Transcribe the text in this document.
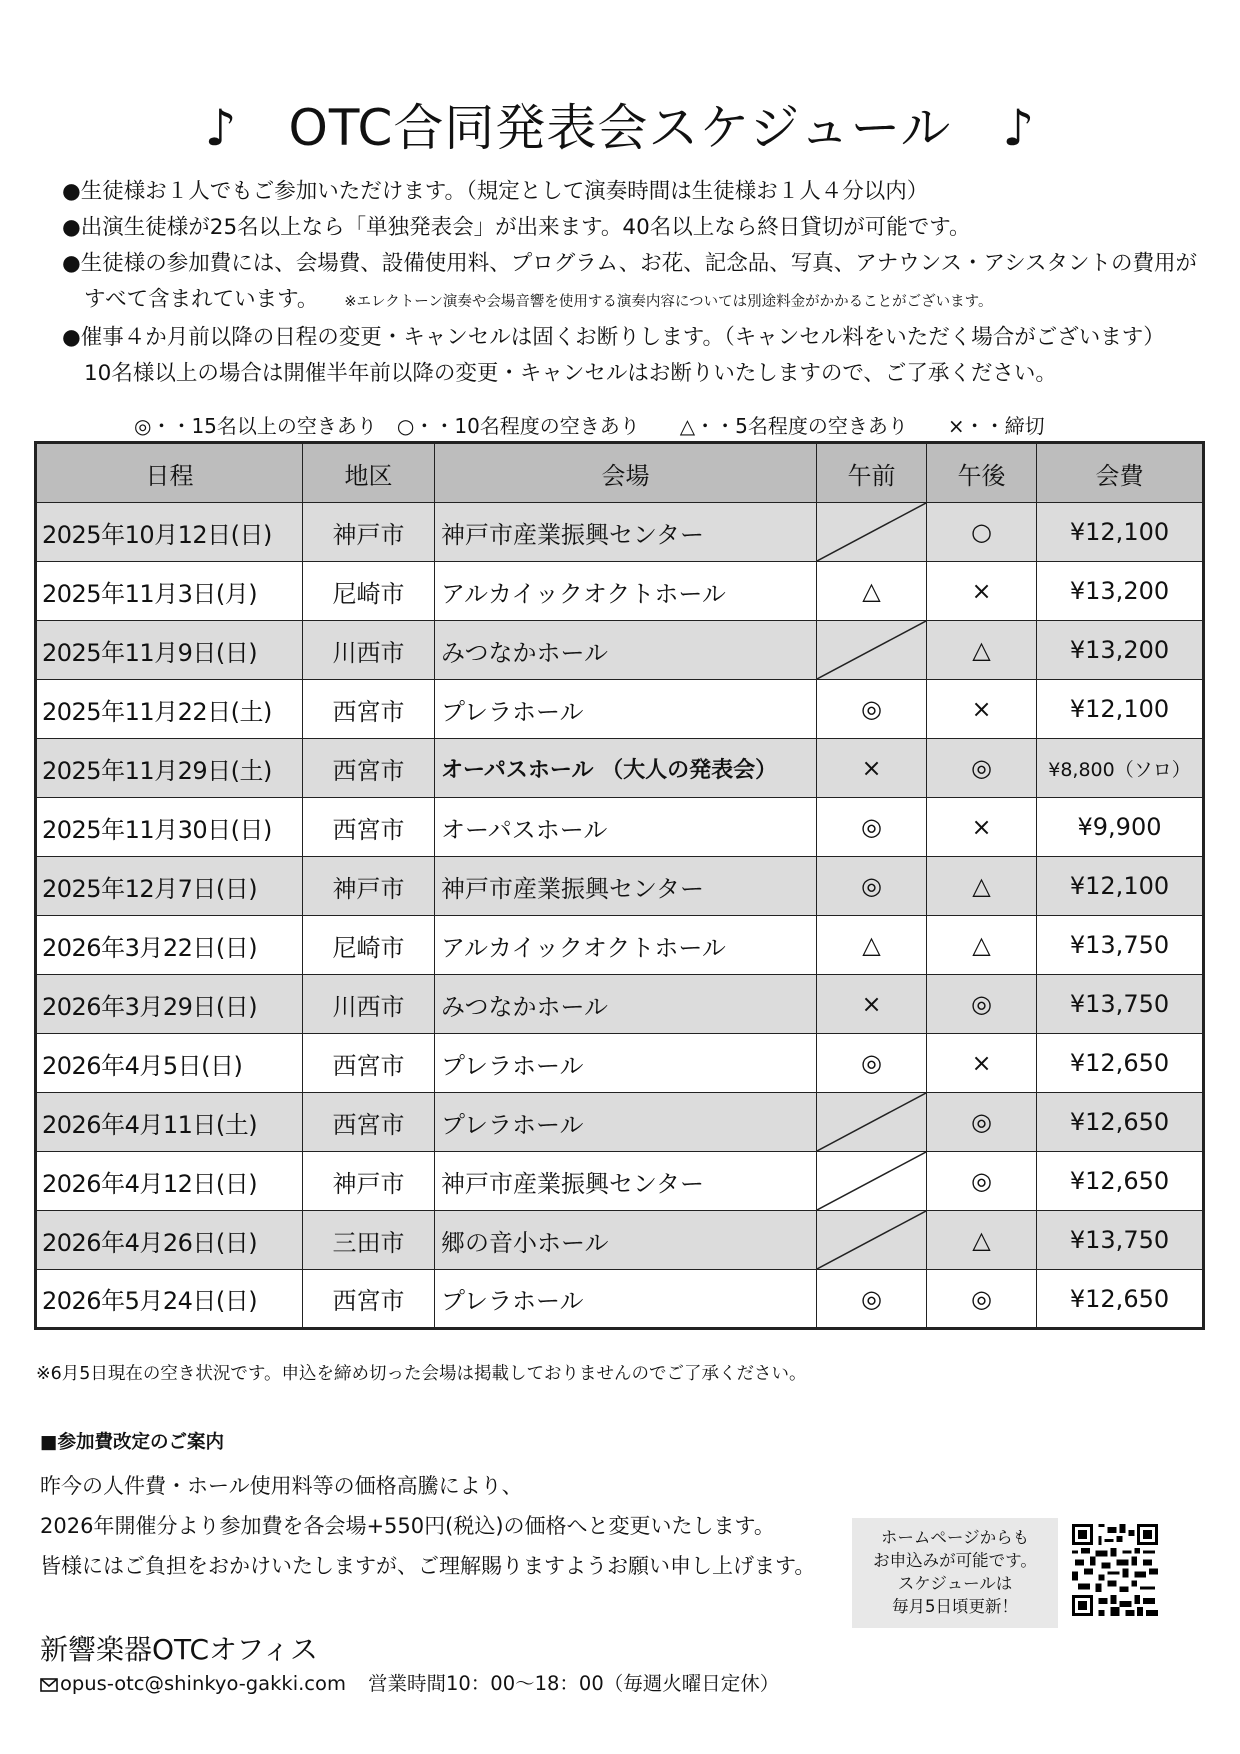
♪　OTC合同発表会スケジュール　♪
●生徒様お１人でもご参加いただけます。（規定として演奏時間は生徒様お１人４分以内）
●出演生徒様が25名以上なら「単独発表会」が出来ます。40名以上なら終日貸切が可能です。
●生徒様の参加費には、会場費、設備使用料、プログラム、お花、記念品、写真、アナウンス・アシスタントの費用が
すべて含まれています。 ※エレクトーン演奏や会場音響を使用する演奏内容については別途料金がかかることがございます。
●催事４か月前以降の日程の変更・キャンセルは固くお断りします。（キャンセル料をいただく場合がございます）
10名様以上の場合は開催半年前以降の変更・キャンセルはお断りいたしますので、ご了承ください。
◎・・15名以上の空きあり　○・・10名程度の空きあり　　△・・5名程度の空きあり　　×・・締切
日程	地区	会場	午前	午後	会費
2025年10月12日(日)	神戸市	神戸市産業振興センター		○	¥12,100
2025年11月3日(月)	尼崎市	アルカイックオクトホール	△	×	¥13,200
2025年11月9日(日)	川西市	みつなかホール		△	¥13,200
2025年11月22日(土)	西宮市	プレラホール	◎	×	¥12,100
2025年11月29日(土)	西宮市	オーパスホール （大人の発表会）	×	◎	¥8,800（ソロ）
2025年11月30日(日)	西宮市	オーパスホール	◎	×	¥9,900
2025年12月7日(日)	神戸市	神戸市産業振興センター	◎	△	¥12,100
2026年3月22日(日)	尼崎市	アルカイックオクトホール	△	△	¥13,750
2026年3月29日(日)	川西市	みつなかホール	×	◎	¥13,750
2026年4月5日(日)	西宮市	プレラホール	◎	×	¥12,650
2026年4月11日(土)	西宮市	プレラホール		◎	¥12,650
2026年4月12日(日)	神戸市	神戸市産業振興センター		◎	¥12,650
2026年4月26日(日)	三田市	郷の音小ホール		△	¥13,750
2026年5月24日(日)	西宮市	プレラホール	◎	◎	¥12,650
※6月5日現在の空き状況です。申込を締め切った会場は掲載しておりませんのでご了承ください。
■参加費改定のご案内
昨今の人件費・ホール使用料等の価格高騰により、
2026年開催分より参加費を各会場+550円(税込)の価格へと変更いたします。
皆様にはご負担をおかけいたしますが、ご理解賜りますようお願い申し上げます。
ホームページからも
お申込みが可能です。
スケジュールは
毎月5日頃更新！
新響楽器OTCオフィス
opus-otc@shinkyo-gakki.com 営業時間10：00～18：00（毎週火曜日定休）
